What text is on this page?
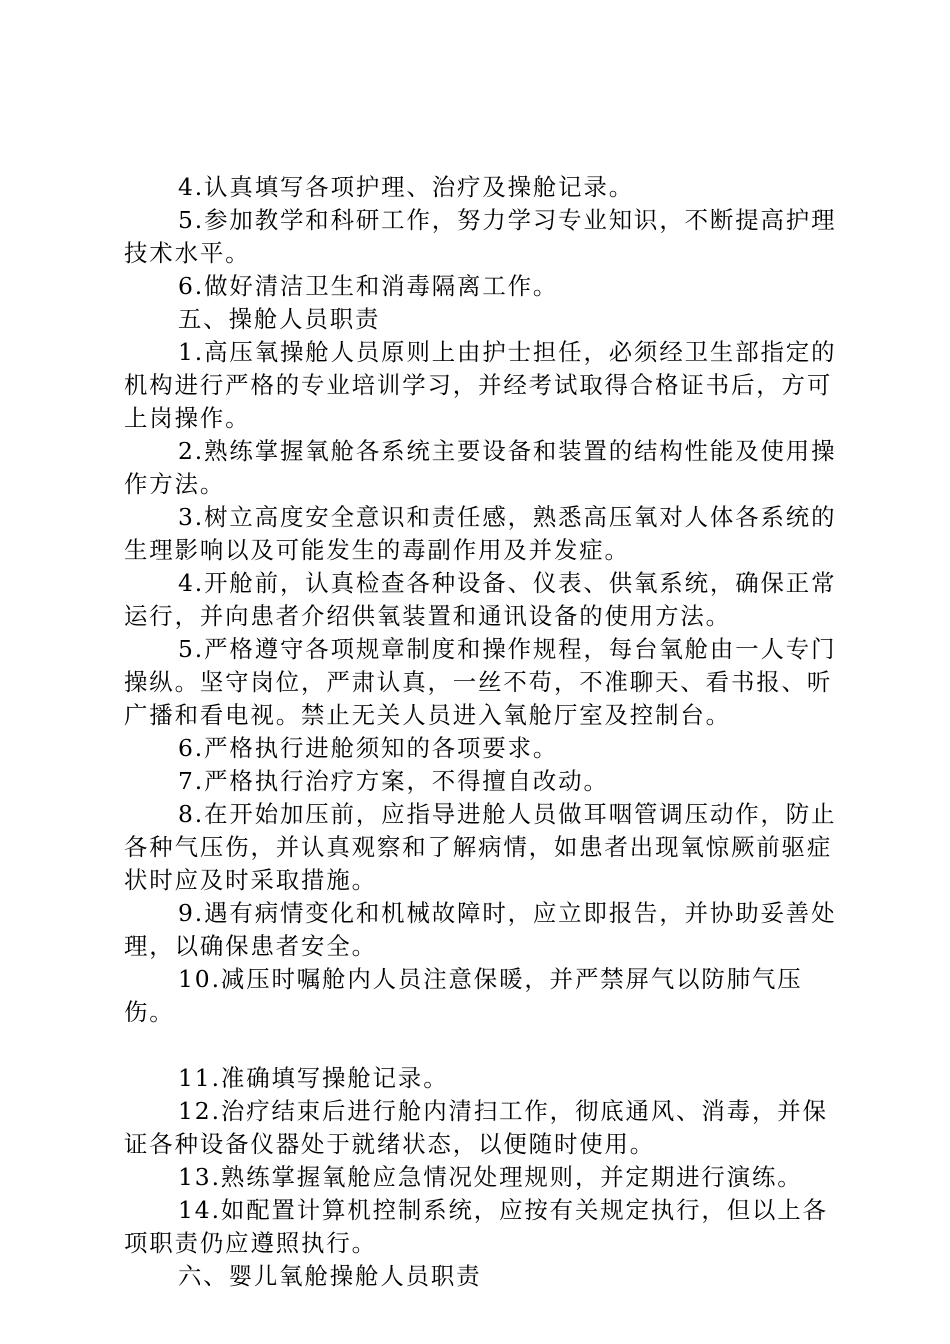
4.认真填写各项护理、治疗及操舱记录。

5.参加教学和科研工作，努力学习专业知识，不断提高护理技术水平。

6.做好清洁卫生和消毒隔离工作。

五、操舱人员职责

1.高压氧操舱人员原则上由护士担任，必须经卫生部指定的机构进行严格的专业培训学习，并经考试取得合格证书后，方可上岗操作。

2.熟练掌握氧舱各系统主要设备和装置的结构性能及使用操作方法。

3.树立高度安全意识和责任感，熟悉高压氧对人体各系统的生理影响以及可能发生的毒副作用及并发症。

4.开舱前，认真检查各种设备、仪表、供氧系统，确保正常运行，并向患者介绍供氧装置和通讯设备的使用方法。

5.严格遵守各项规章制度和操作规程，每台氧舱由一人专门操纵。坚守岗位，严肃认真，一丝不苟，不准聊天、看书报、听广播和看电视。禁止无关人员进入氧舱厅室及控制台。

6.严格执行进舱须知的各项要求。

7.严格执行治疗方案，不得擅自改动。

8.在开始加压前，应指导进舱人员做耳咽管调压动作，防止各种气压伤，并认真观察和了解病情，如患者出现氧惊厥前驱症状时应及时采取措施。

9.遇有病情变化和机械故障时，应立即报告，并协助妥善处理，以确保患者安全。

10.减压时嘱舱内人员注意保暖，并严禁屏气以防肺气压伤。

11.准确填写操舱记录。

12.治疗结束后进行舱内清扫工作，彻底通风、消毒，并保证各种设备仪器处于就绪状态，以便随时使用。

13.熟练掌握氧舱应急情况处理规则，并定期进行演练。

14.如配置计算机控制系统，应按有关规定执行，但以上各项职责仍应遵照执行。

六、婴儿氧舱操舱人员职责
